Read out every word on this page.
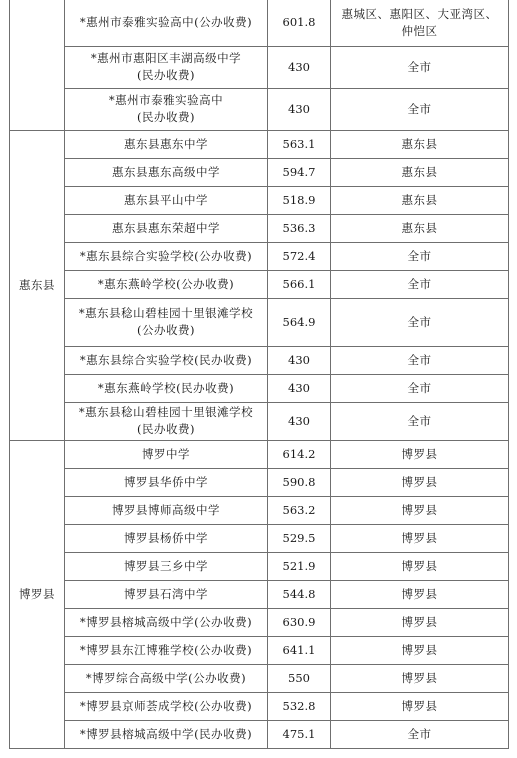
	*惠州市泰雅实验高中(公办收费)	601.8	惠城区、惠阳区、大亚湾区、
仲恺区
	*惠州市惠阳区丰湖高级中学
(民办收费)	430	全市
	*惠州市泰雅实验高中
(民办收费)	430	全市
惠东县	惠东县惠东中学	563.1	惠东县
	惠东县惠东高级中学	594.7	惠东县
	惠东县平山中学	518.9	惠东县
	惠东县惠东荣超中学	536.3	惠东县
	*惠东县综合实验学校(公办收费)	572.4	全市
	*惠东燕岭学校(公办收费)	566.1	全市
	*惠东县稔山碧桂园十里银滩学校
(公办收费)	564.9	全市
	*惠东县综合实验学校(民办收费)	430	全市
	*惠东燕岭学校(民办收费)	430	全市
	*惠东县稔山碧桂园十里银滩学校
(民办收费)	430	全市
博罗县	博罗中学	614.2	博罗县
	博罗县华侨中学	590.8	博罗县
	博罗县博师高级中学	563.2	博罗县
	博罗县杨侨中学	529.5	博罗县
	博罗县三乡中学	521.9	博罗县
	博罗县石湾中学	544.8	博罗县
	*博罗县榕城高级中学(公办收费)	630.9	博罗县
	*博罗县东江博雅学校(公办收费)	641.1	博罗县
	*博罗综合高级中学(公办收费)	550	博罗县
	*博罗县京师荟成学校(公办收费)	532.8	博罗县
	*博罗县榕城高级中学(民办收费)	475.1	全市
